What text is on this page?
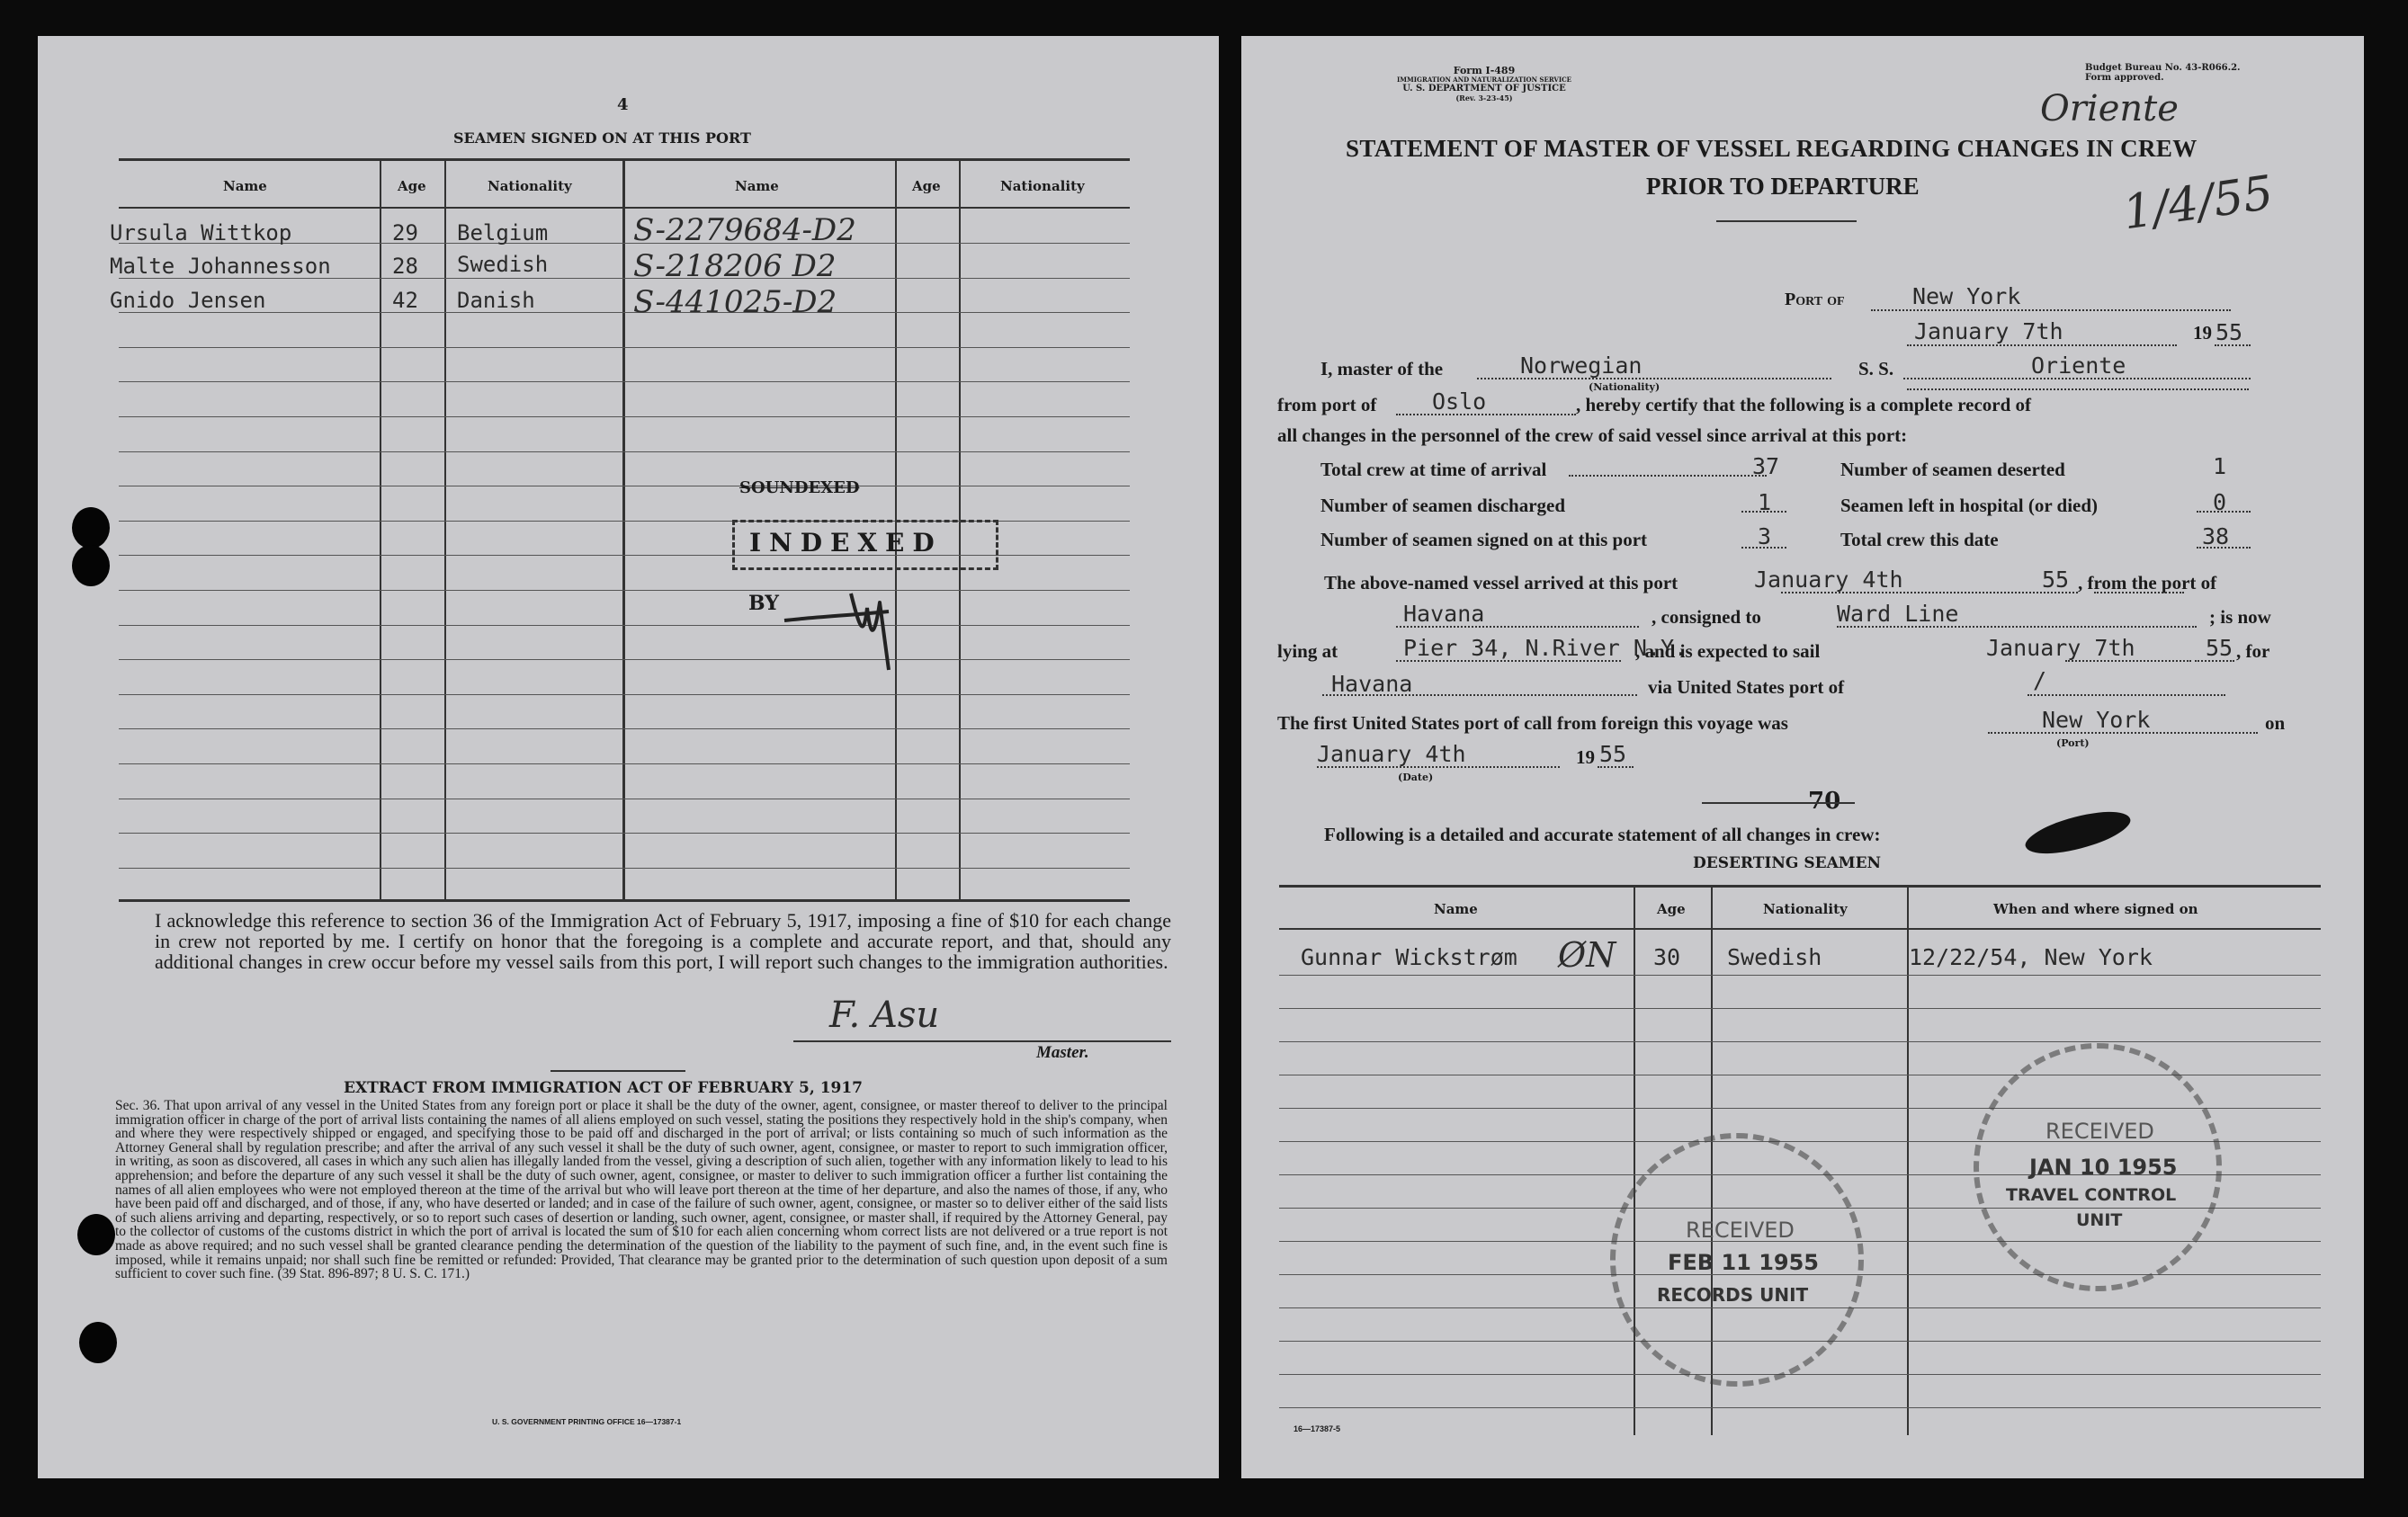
4
SEAMEN SIGNED ON AT THIS PORT
Name	Age	Nationality	Name	Age	Nationality
Ursula Wittkop	29 Belgium	S-2279684-D2
Malte Johannesson	28 Swedish	S-218206 D2
Gnido Jensen	42 Danish	S-441025-D2
SOUNDEXED
INDEXED
BY
I acknowledge this reference to section 36 of the Immigration Act of February 5, 1917, imposing a fine of $10 for each change in crew not reported by me. I certify on honor that the foregoing is a complete and accurate report, and that, should any additional changes in crew occur before my vessel sails from this port, I will report such changes to the immigration authorities.
F. Asu
Master.
EXTRACT FROM IMMIGRATION ACT OF FEBRUARY 5, 1917
Sec. 36. That upon arrival of any vessel in the United States from any foreign port or place it shall be the duty of the owner, agent, consignee, or master thereof to deliver to the principal immigration officer in charge of the port of arrival lists containing the names of all aliens employed on such vessel, stating the positions they respectively hold in the ship's company, when and where they were respectively shipped or engaged, and specifying those to be paid off and discharged in the port of arrival; or lists containing so much of such information as the Attorney General shall by regulation prescribe; and after the arrival of any such vessel it shall be the duty of such owner, agent, consignee, or master to report to such immigration officer, in writing, as soon as discovered, all cases in which any such alien has illegally landed from the vessel, giving a description of such alien, together with any information likely to lead to his apprehension; and before the departure of any such vessel it shall be the duty of such owner, agent, consignee, or master to deliver to such immigration officer a further list containing the names of all alien employees who were not employed thereon at the time of the arrival but who will leave port thereon at the time of her departure, and also the names of those, if any, who have been paid off and discharged, and of those, if any, who have deserted or landed; and in case of the failure of such owner, agent, consignee, or master so to deliver either of the said lists of such aliens arriving and departing, respectively, or so to report such cases of desertion or landing, such owner, agent, consignee, or master shall, if required by the Attorney General, pay to the collector of customs of the customs district in which the port of arrival is located the sum of $10 for each alien concerning whom correct lists are not delivered or a true report is not made as above required; and no such vessel shall be granted clearance pending the determination of the question of the liability to the payment of such fine, and, in the event such fine is imposed, while it remains unpaid; nor shall such fine be remitted or refunded: Provided, That clearance may be granted prior to the determination of such question upon deposit of a sum sufficient to cover such fine. (39 Stat. 896-897; 8 U. S. C. 171.)
U. S. GOVERNMENT PRINTING OFFICE 16—17387-1
Form I-489
IMMIGRATION AND NATURALIZATION SERVICE
U. S. DEPARTMENT OF JUSTICE
(Rev. 3-23-45)
Budget Bureau No. 43-R066.2.
Form approved.
Oriente
1/4/55
STATEMENT OF MASTER OF VESSEL REGARDING CHANGES IN CREW
PRIOR TO DEPARTURE
Port of	New York
January 7th	19 55
I, master of the	Norwegian
(Nationality)
S. S.	Oriente
from port of Oslo	, hereby certify that the following is a complete record of
all changes in the personnel of the crew of said vessel since arrival at this port:
Total crew at time of arrival	37	Number of seamen deserted	1
Number of seamen discharged	1	Seamen left in hospital (or died)	0
Number of seamen signed on at this port	3	Total crew this date	38
The above-named vessel arrived at this port	January 4th	55 , from the port of
Havana	, consigned to	Ward Line	; is now
lying at	Pier 34, N.River N.Y.
, and is expected to sail	January 7th	55 , for
Havana	via United States port of	/
The first United States port of call from foreign this voyage was	New York
(Port)
on
January 4th
(Date)
19 55
70
Following is a detailed and accurate statement of all changes in crew:
DESERTING SEAMEN
Name	Age	Nationality	When and where signed on
Gunnar Wickstrøm ØN 30 Swedish	12/22/54, New York
RECEIVED
FEB 11 1955
RECORDS UNIT
RECEIVED
JAN 10 1955
TRAVEL CONTROL
UNIT
16—17387-5
